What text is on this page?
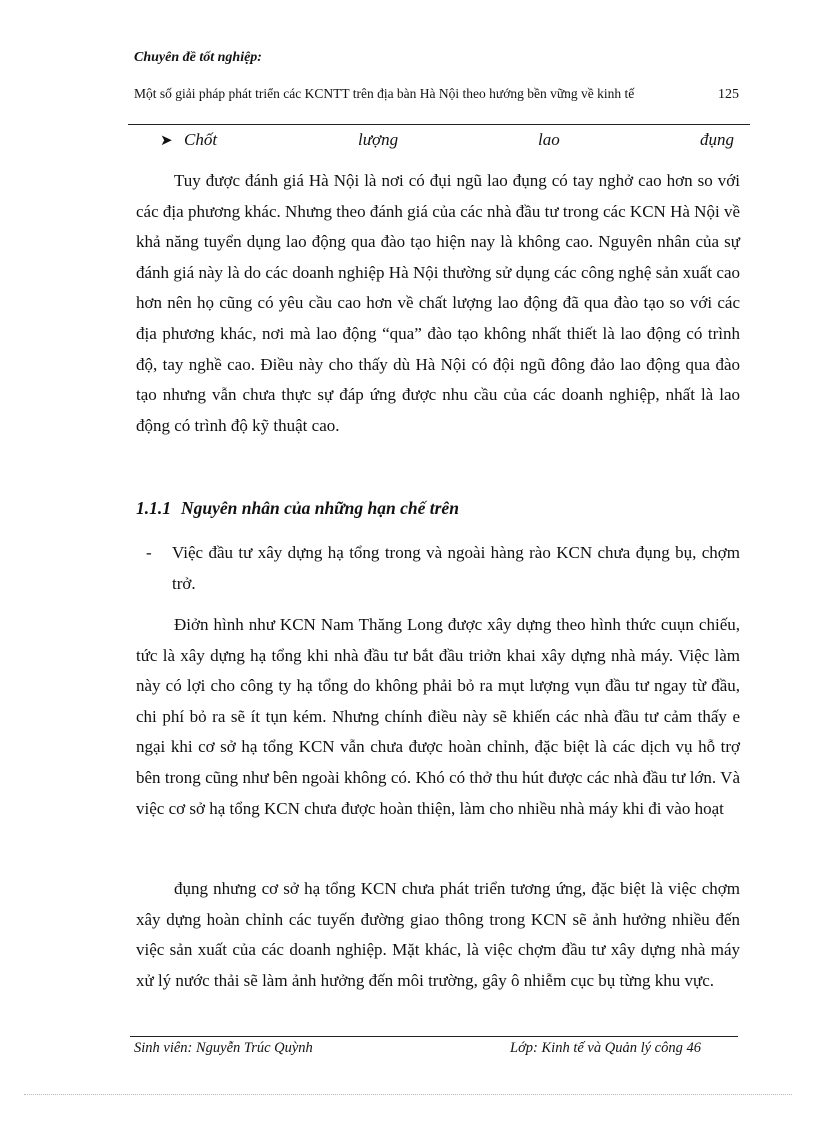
Chuyên đề tốt nghiệp:
Một số giải pháp phát triển các KCNTT trên địa bàn Hà Nội theo hướng bền vững về kinh tế	125
➤ Chốt	lượng	lao	đụng
Tuy được đánh giá Hà Nội là nơi có đụi ngũ lao đụng có tay nghở cao hơn so với các địa phương khác. Nhưng theo đánh giá của các nhà đầu tư trong các KCN Hà Nội về khả năng tuyển dụng lao động qua đào tạo hiện nay là không cao. Nguyên nhân của sự đánh giá này là do các doanh nghiệp Hà Nội thường sử dụng các công nghệ sản xuất cao hơn nên họ cũng có yêu cầu cao hơn về chất lượng lao động đã qua đào tạo so với các địa phương khác, nơi mà lao động “qua” đào tạo không nhất thiết là lao động có trình độ, tay nghề cao. Điều này cho thấy dù Hà Nội có đội ngũ đông đảo lao động qua đào tạo nhưng vẫn chưa thực sự đáp ứng được nhu cầu của các doanh nghiệp, nhất là lao động có trình độ kỹ thuật cao.
1.1.1 Nguyên nhân của những hạn chế trên
- Việc đầu tư xây dựng hạ tổng trong và ngoài hàng rào KCN chưa đụng bụ, chợm trở.
Điởn hình như KCN Nam Thăng Long được xây dựng theo hình thức cuụn chiếu, tức là xây dựng hạ tổng khi nhà đầu tư bắt đầu triởn khai xây dựng nhà máy. Việc làm này có lợi cho công ty hạ tổng do không phải bỏ ra mụt lượng vụn đầu tư ngay từ đầu, chi phí bỏ ra sẽ ít tụn kém. Nhưng chính điều này sẽ khiến các nhà đầu tư cảm thấy e ngại khi cơ sở hạ tổng KCN vẫn chưa được hoàn chỉnh, đặc biệt là các dịch vụ hỗ trợ bên trong cũng như bên ngoài không có. Khó có thở thu hút được các nhà đầu tư lớn. Và việc cơ sở hạ tổng KCN chưa được hoàn thiện, làm cho nhiều nhà máy khi đi vào hoạt
đụng nhưng cơ sở hạ tổng KCN chưa phát triển tương ứng, đặc biệt là việc chợm xây dựng hoàn chỉnh các tuyến đường giao thông trong KCN sẽ ảnh hưởng nhiều đến việc sản xuất của các doanh nghiệp. Mặt khác, là việc chợm đầu tư xây dựng nhà máy xử lý nước thải sẽ làm ảnh hưởng đến môi trường, gây ô nhiễm cục bụ từng khu vực.
Sinh viên: Nguyễn Trúc Quỳnh	Lớp: Kinh tế và Quản lý công 46
